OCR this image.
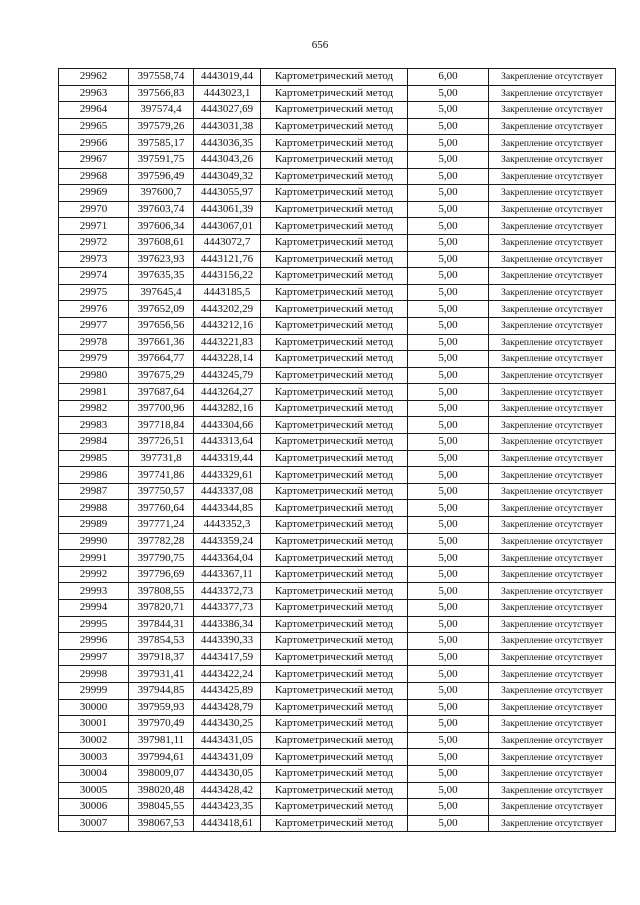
656
29962	397558,74	4443019,44	Картометрический метод	6,00	Закрепление отсутствует
29963	397566,83	4443023,1	Картометрический метод	5,00	Закрепление отсутствует
29964	397574,4	4443027,69	Картометрический метод	5,00	Закрепление отсутствует
29965	397579,26	4443031,38	Картометрический метод	5,00	Закрепление отсутствует
29966	397585,17	4443036,35	Картометрический метод	5,00	Закрепление отсутствует
29967	397591,75	4443043,26	Картометрический метод	5,00	Закрепление отсутствует
29968	397596,49	4443049,32	Картометрический метод	5,00	Закрепление отсутствует
29969	397600,7	4443055,97	Картометрический метод	5,00	Закрепление отсутствует
29970	397603,74	4443061,39	Картометрический метод	5,00	Закрепление отсутствует
29971	397606,34	4443067,01	Картометрический метод	5,00	Закрепление отсутствует
29972	397608,61	4443072,7	Картометрический метод	5,00	Закрепление отсутствует
29973	397623,93	4443121,76	Картометрический метод	5,00	Закрепление отсутствует
29974	397635,35	4443156,22	Картометрический метод	5,00	Закрепление отсутствует
29975	397645,4	4443185,5	Картометрический метод	5,00	Закрепление отсутствует
29976	397652,09	4443202,29	Картометрический метод	5,00	Закрепление отсутствует
29977	397656,56	4443212,16	Картометрический метод	5,00	Закрепление отсутствует
29978	397661,36	4443221,83	Картометрический метод	5,00	Закрепление отсутствует
29979	397664,77	4443228,14	Картометрический метод	5,00	Закрепление отсутствует
29980	397675,29	4443245,79	Картометрический метод	5,00	Закрепление отсутствует
29981	397687,64	4443264,27	Картометрический метод	5,00	Закрепление отсутствует
29982	397700,96	4443282,16	Картометрический метод	5,00	Закрепление отсутствует
29983	397718,84	4443304,66	Картометрический метод	5,00	Закрепление отсутствует
29984	397726,51	4443313,64	Картометрический метод	5,00	Закрепление отсутствует
29985	397731,8	4443319,44	Картометрический метод	5,00	Закрепление отсутствует
29986	397741,86	4443329,61	Картометрический метод	5,00	Закрепление отсутствует
29987	397750,57	4443337,08	Картометрический метод	5,00	Закрепление отсутствует
29988	397760,64	4443344,85	Картометрический метод	5,00	Закрепление отсутствует
29989	397771,24	4443352,3	Картометрический метод	5,00	Закрепление отсутствует
29990	397782,28	4443359,24	Картометрический метод	5,00	Закрепление отсутствует
29991	397790,75	4443364,04	Картометрический метод	5,00	Закрепление отсутствует
29992	397796,69	4443367,11	Картометрический метод	5,00	Закрепление отсутствует
29993	397808,55	4443372,73	Картометрический метод	5,00	Закрепление отсутствует
29994	397820,71	4443377,73	Картометрический метод	5,00	Закрепление отсутствует
29995	397844,31	4443386,34	Картометрический метод	5,00	Закрепление отсутствует
29996	397854,53	4443390,33	Картометрический метод	5,00	Закрепление отсутствует
29997	397918,37	4443417,59	Картометрический метод	5,00	Закрепление отсутствует
29998	397931,41	4443422,24	Картометрический метод	5,00	Закрепление отсутствует
29999	397944,85	4443425,89	Картометрический метод	5,00	Закрепление отсутствует
30000	397959,93	4443428,79	Картометрический метод	5,00	Закрепление отсутствует
30001	397970,49	4443430,25	Картометрический метод	5,00	Закрепление отсутствует
30002	397981,11	4443431,05	Картометрический метод	5,00	Закрепление отсутствует
30003	397994,61	4443431,09	Картометрический метод	5,00	Закрепление отсутствует
30004	398009,07	4443430,05	Картометрический метод	5,00	Закрепление отсутствует
30005	398020,48	4443428,42	Картометрический метод	5,00	Закрепление отсутствует
30006	398045,55	4443423,35	Картометрический метод	5,00	Закрепление отсутствует
30007	398067,53	4443418,61	Картометрический метод	5,00	Закрепление отсутствует
